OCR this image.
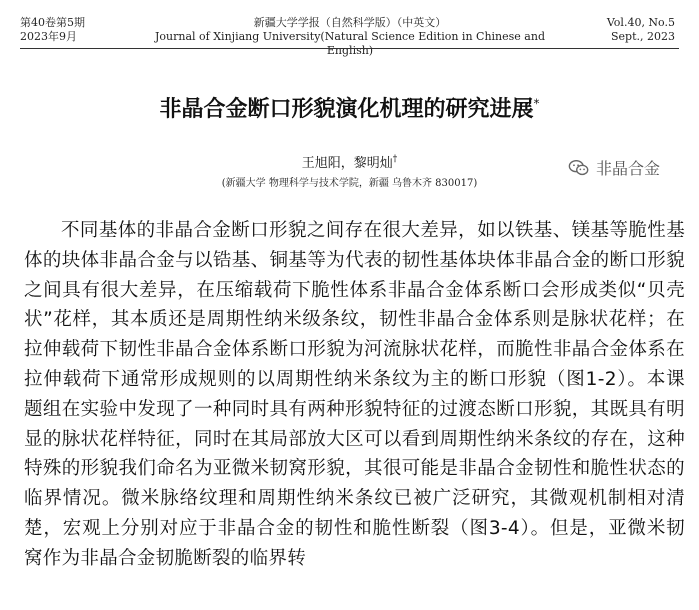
第40卷第5期
2023年9月
新疆大学学报（自然科学版）（中英文）
Journal of Xinjiang University(Natural Science Edition in Chinese and English)
Vol.40, No.5
Sept., 2023
非晶合金断口形貌演化机理的研究进展*
王旭阳，黎明灿†
(新疆大学 物理科学与技术学院，新疆 乌鲁木齐 830017)
非晶合金
不同基体的非晶合金断口形貌之间存在很大差异，如以铁基、镁基等脆性基体的块体非晶合金与以锆基、铜基等为代表的韧性基体块体非晶合金的断口形貌之间具有很大差异，在压缩载荷下脆性体系非晶合金体系断口会形成类似“贝壳状”花样，其本质还是周期性纳米级条纹，韧性非晶合金体系则是脉状花样；在拉伸载荷下韧性非晶合金体系断口形貌为河流脉状花样，而脆性非晶合金体系在拉伸载荷下通常形成规则的以周期性纳米条纹为主的断口形貌（图1-2）。本课题组在实验中发现了一种同时具有两种形貌特征的过渡态断口形貌，其既具有明显的脉状花样特征，同时在其局部放大区可以看到周期性纳米条纹的存在，这种特殊的形貌我们命名为亚微米韧窝形貌，其很可能是非晶合金韧性和脆性状态的临界情况。微米脉络纹理和周期性纳米条纹已被广泛研究，其微观机制相对清楚，宏观上分别对应于非晶合金的韧性和脆性断裂（图3-4）。但是，亚微米韧窝作为非晶合金韧脆断裂的临界转
